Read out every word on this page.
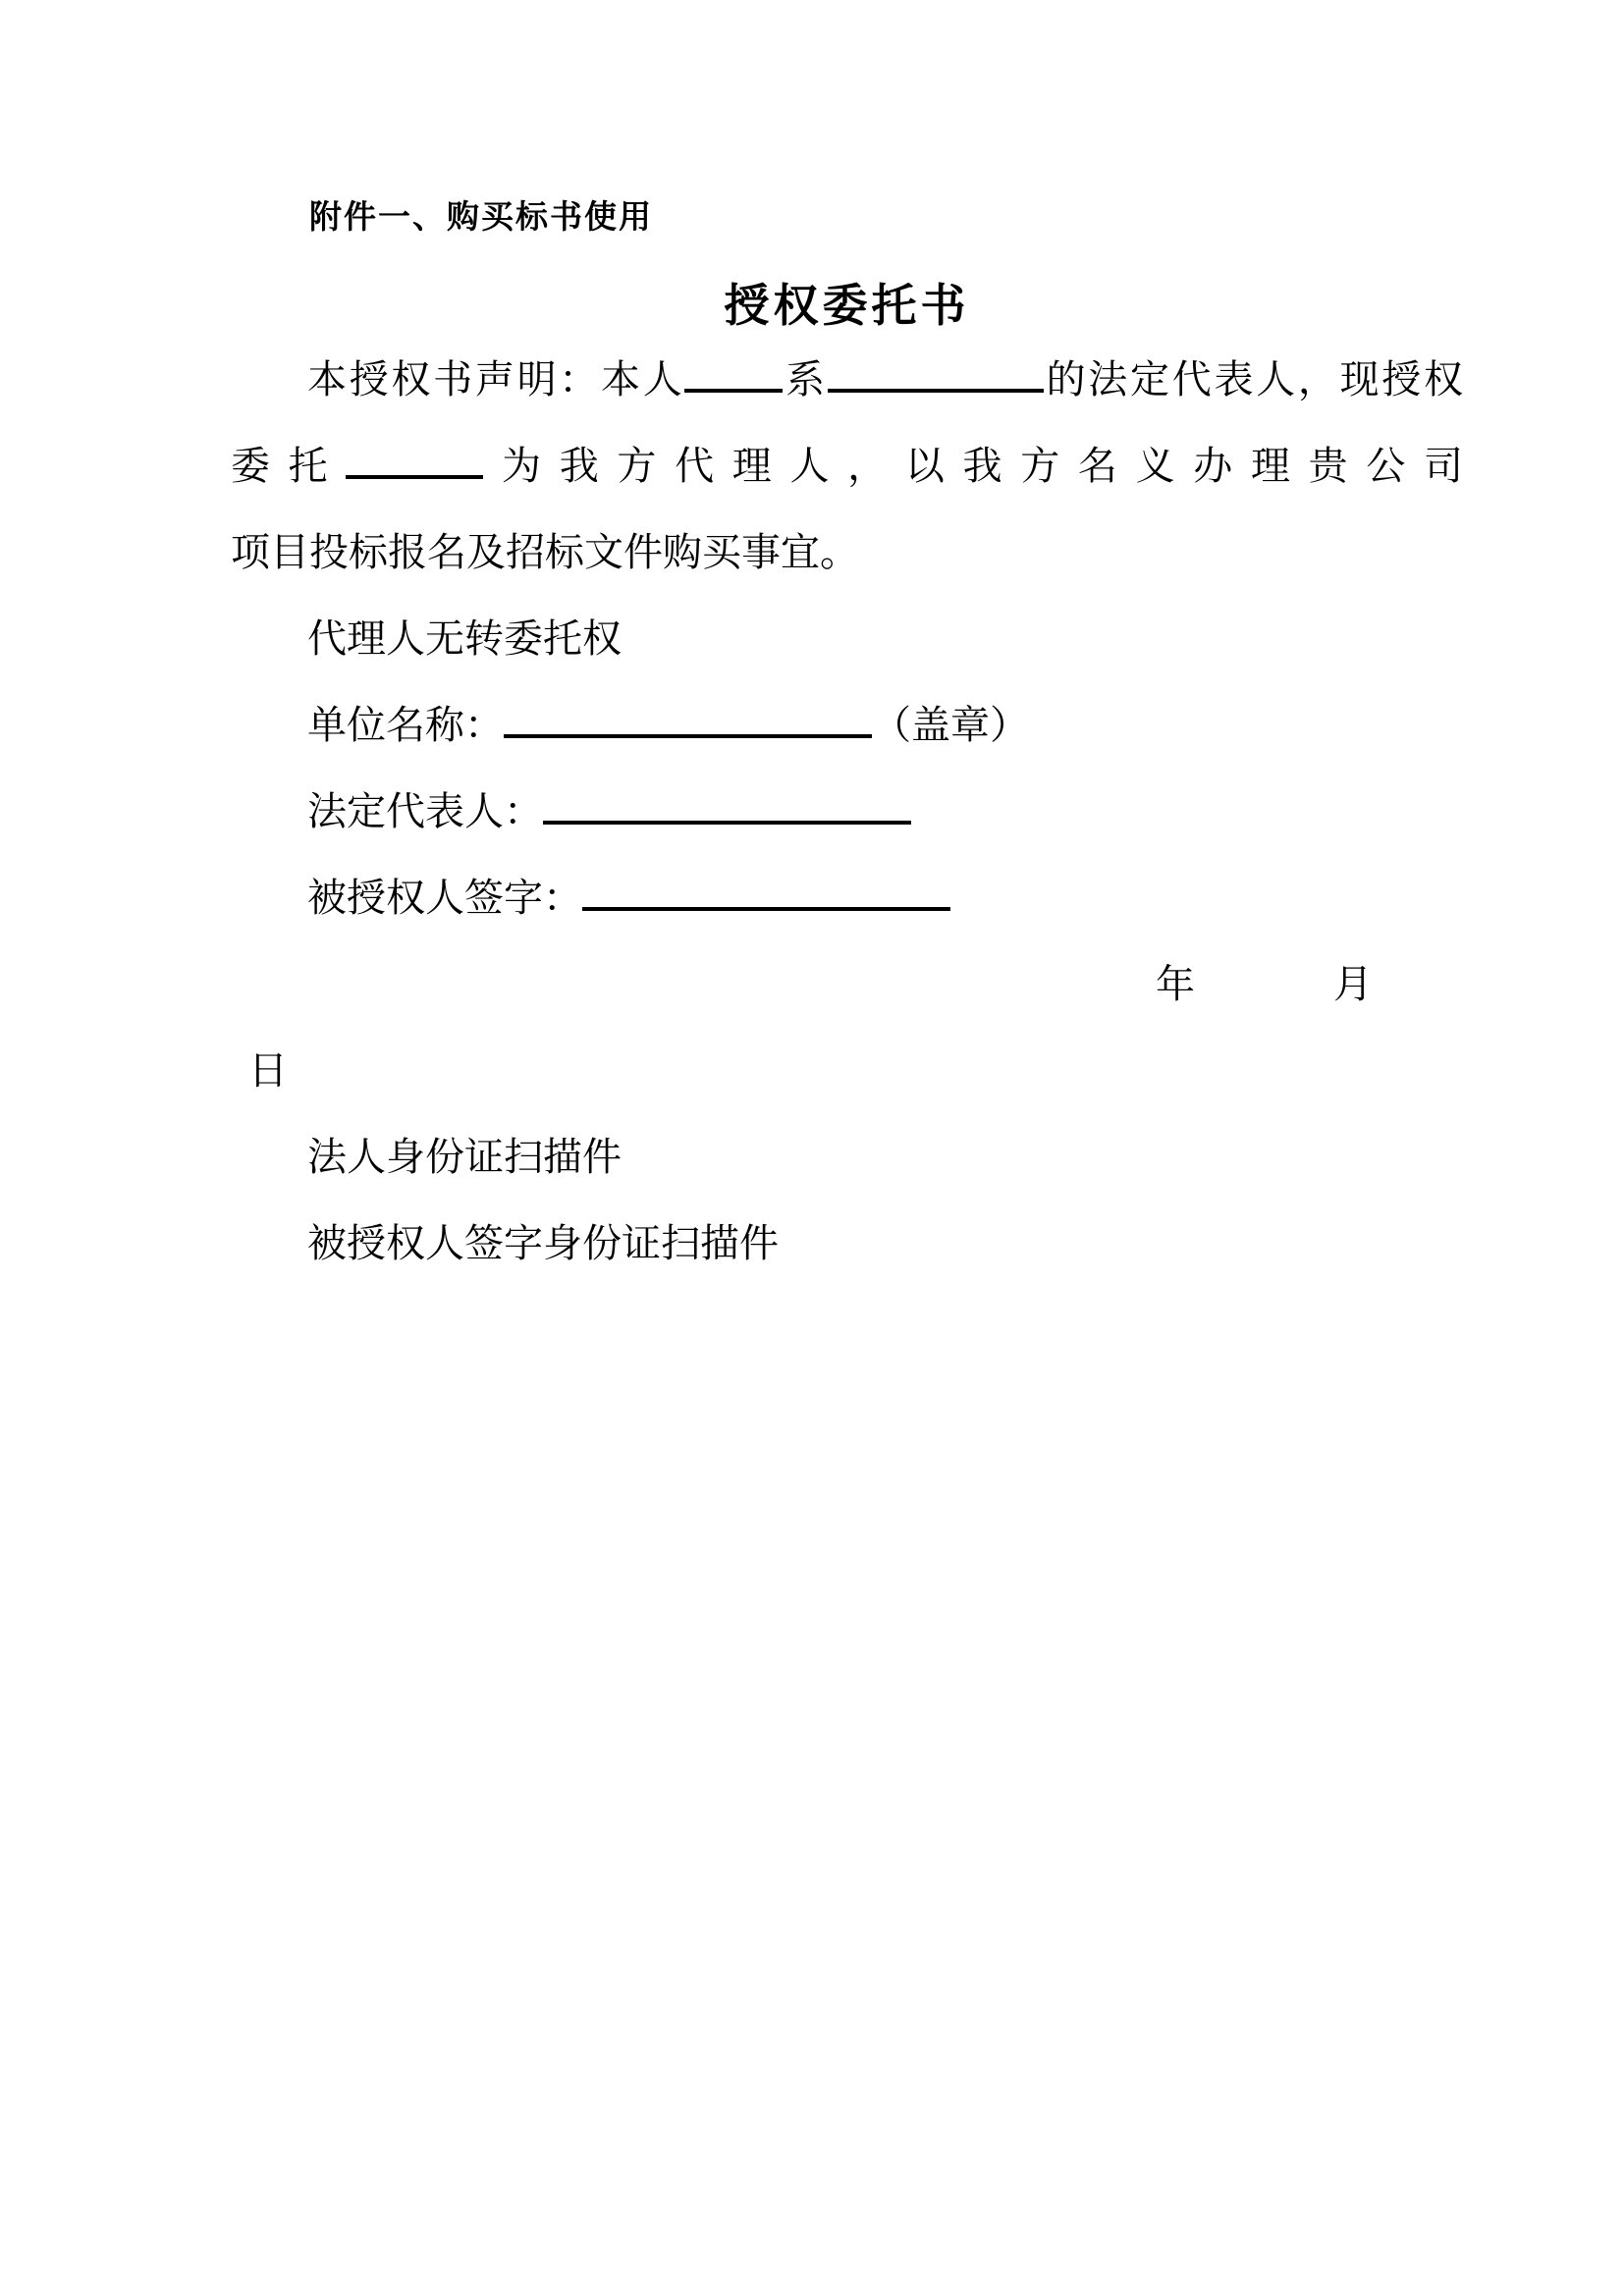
附件一、购买标书使用
授权委托书
本授权书声明：本人	系	的法定代表人，现授权
委托	为我方代理人，以我方名义办理贵公司
项目投标报名及招标文件购买事宜。
代理人无转委托权
单位名称：	（盖章）
法定代表人：
被授权人签字：
年	月
日
法人身份证扫描件
被授权人签字身份证扫描件
